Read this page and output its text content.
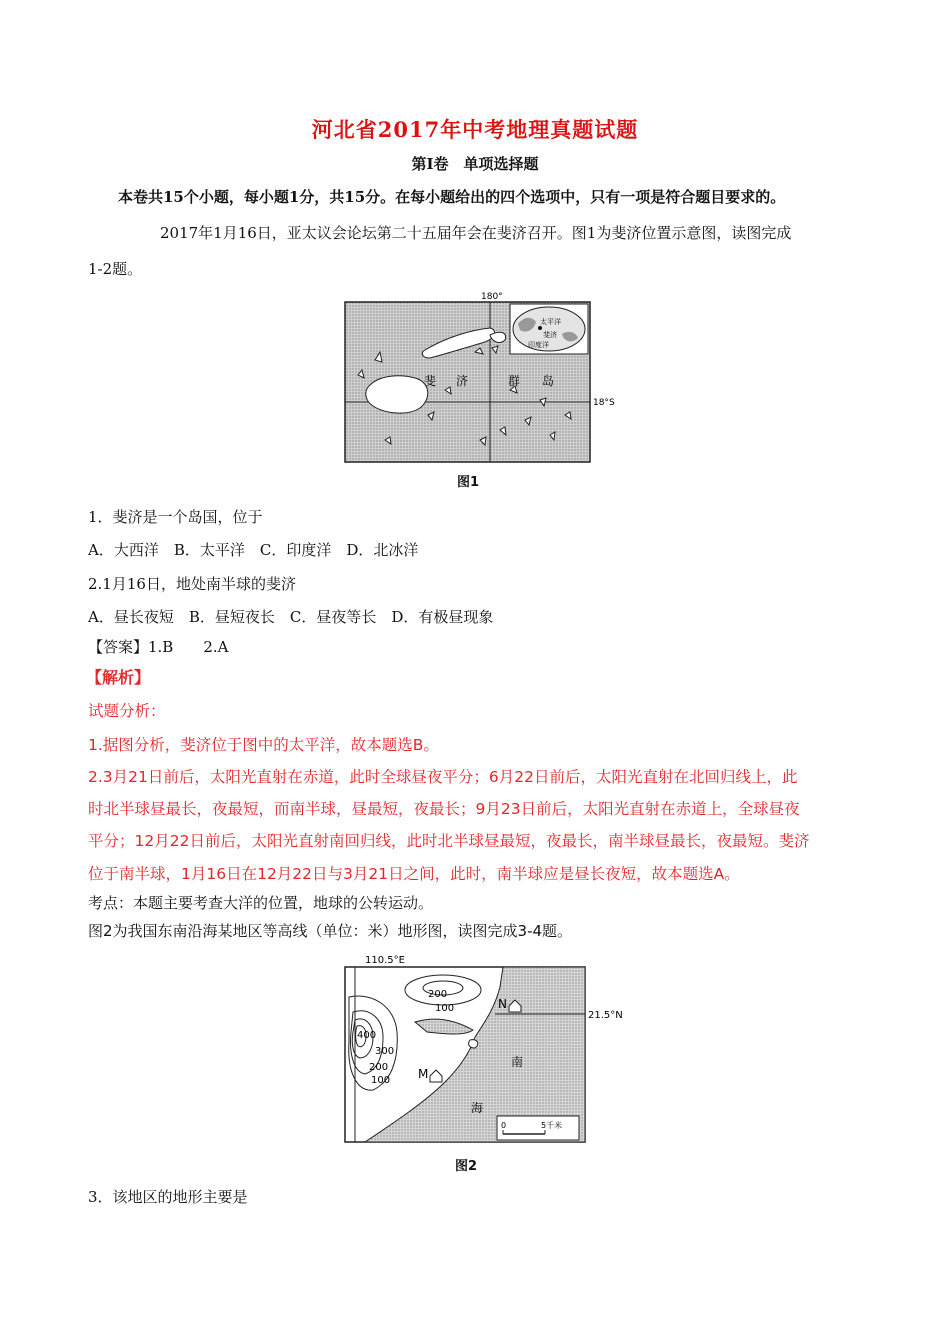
河北省2017年中考地理真题试题
第Ⅰ卷　单项选择题
本卷共15个小题，每小题1分，共15分。在每小题给出的四个选项中，只有一项是符合题目要求的。
2017年1月16日，亚太议会论坛第二十五届年会在斐济召开。图1为斐济位置示意图，读图完成
1-2题。
180°
18°S
斐 济	群 岛
太平洋
斐济
印度洋
图1
1．斐济是一个岛国，位于
A．大西洋　B．太平洋　C．印度洋　D．北冰洋
2.1月16日，地处南半球的斐济
A．昼长夜短　B．昼短夜长　C．昼夜等长　D．有极昼现象
【答案】1.B　　2.A
【解析】
试题分析：
1.据图分析，斐济位于图中的太平洋，故本题选B。
2.3月21日前后，太阳光直射在赤道，此时全球昼夜平分；6月22日前后，太阳光直射在北回归线上，此
时北半球昼最长，夜最短，而南半球，昼最短，夜最长；9月23日前后，太阳光直射在赤道上，全球昼夜
平分；12月22日前后，太阳光直射南回归线，此时北半球昼最短，夜最长，南半球昼最长，夜最短。斐济
位于南半球，1月16日在12月22日与3月21日之间，此时，南半球应是昼长夜短，故本题选A。
考点：本题主要考查大洋的位置，地球的公转运动。
图2为我国东南沿海某地区等高线（单位：米）地形图，读图完成3-4题。
110.5°E
21.5°N
200
100
400
300
200
100
N
M
南
海
0	5千米
图2
3．该地区的地形主要是
